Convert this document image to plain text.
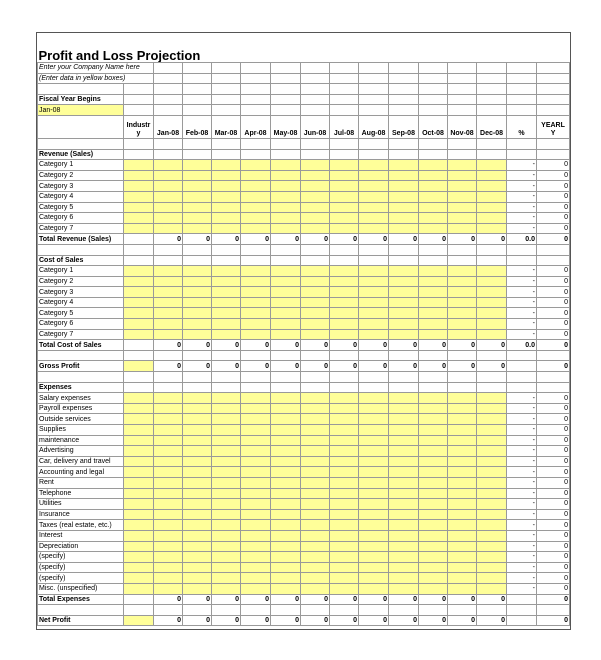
Profit and Loss Projection															
Enter your Company Name here															
(Enter data in yellow boxes)															

Fiscal Year Begins															
Jan-08															
	Industr y	Jan-08	Feb-08	Mar-08	Apr-08	May-08	Jun-08	Jul-08	Aug-08	Sep-08	Oct-08	Nov-08	Dec-08	%	YEARL Y

Revenue (Sales)															
Category 1														-	0
Category 2														-	0
Category 3														-	0
Category 4														-	0
Category 5														-	0
Category 6														-	0
Category 7														-	0
Total Revenue (Sales)		0	0	0	0	0	0	0	0	0	0	0	0	0.0	0

Cost of Sales															
Category 1														-	0
Category 2														-	0
Category 3														-	0
Category 4														-	0
Category 5														-	0
Category 6														-	0
Category 7														-	0
Total Cost of Sales		0	0	0	0	0	0	0	0	0	0	0	0	0.0	0

Gross Profit		0	0	0	0	0	0	0	0	0	0	0	0		0

Expenses															
Salary expenses														-	0
Payroll expenses														-	0
Outside services														-	0
Supplies														-	0
maintenance														-	0
Advertising														-	0
Car, delivery and travel														-	0
Accounting and legal														-	0
Rent														-	0
Telephone														-	0
Utilities														-	0
Insurance														-	0
Taxes (real estate, etc.)														-	0
Interest														-	0
Depreciation														-	0
(specify)														-	0
(specify)														-	0
(specify)														-	0
Misc. (unspecified)														-	0
Total Expenses		0	0	0	0	0	0	0	0	0	0	0	0		0

Net Profit		0	0	0	0	0	0	0	0	0	0	0	0		0
